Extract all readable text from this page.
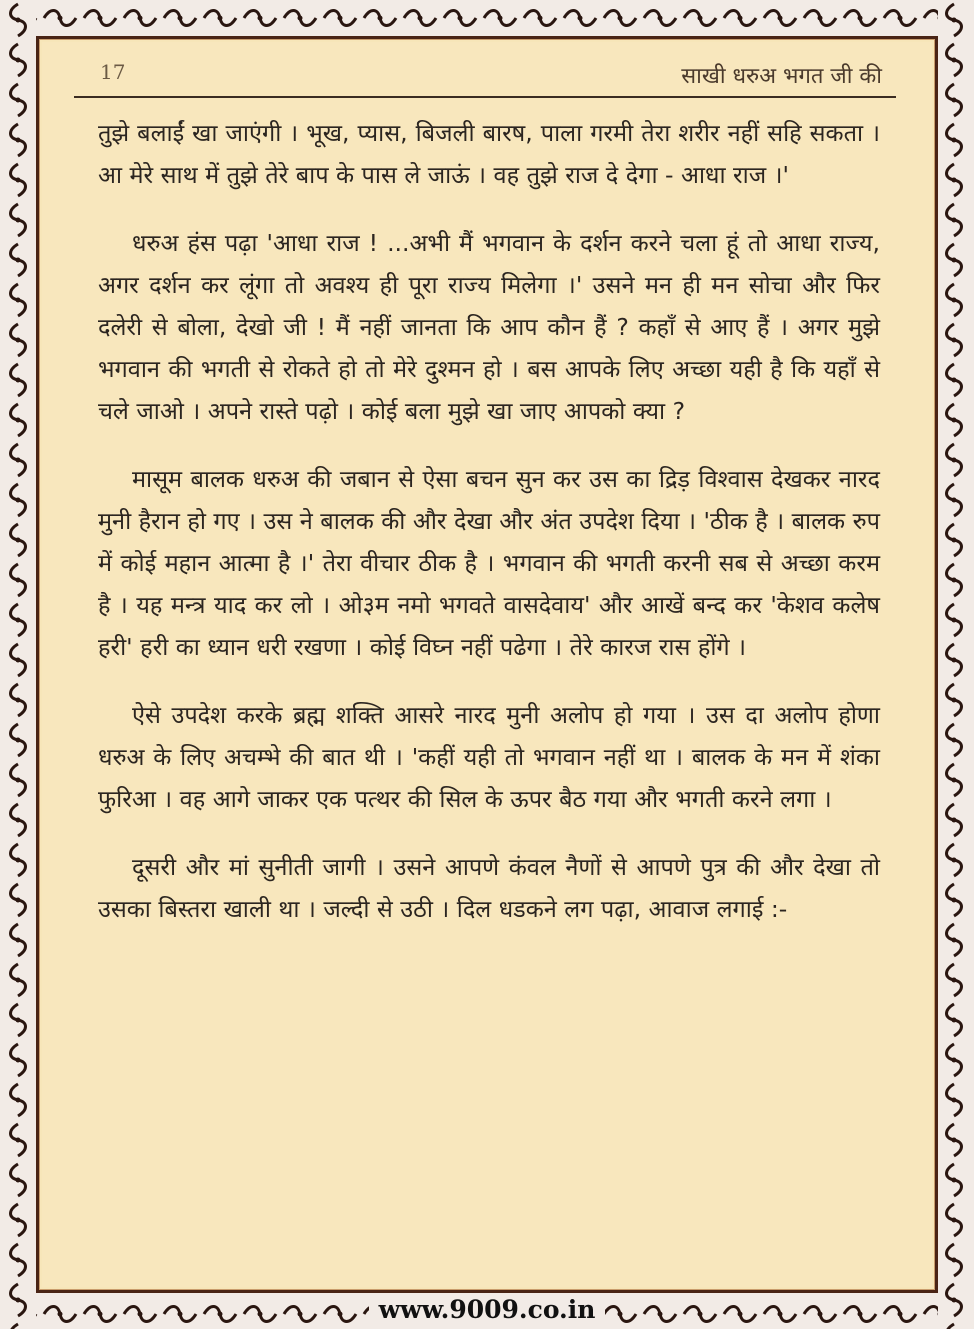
17	साखी धरुअ भगत जी की

तुझे बलाईं खा जाएंगी । भूख, प्यास, बिजली बारष, पाला गरमी तेरा शरीर नहीं सहि सकता । आ मेरे साथ में तुझे तेरे बाप के पास ले जाऊं । वह तुझे राज दे देगा - आधा राज ।'

धरुअ हंस पढ़ा 'आधा राज ! ...अभी मैं भगवान के दर्शन करने चला हूं तो आधा राज्य, अगर दर्शन कर लूंगा तो अवश्य ही पूरा राज्य मिलेगा ।' उसने मन ही मन सोचा और फिर दलेरी से बोला, देखो जी ! मैं नहीं जानता कि आप कौन हैं ? कहाँ से आए हैं । अगर मुझे भगवान की भगती से रोकते हो तो मेरे दुश्मन हो । बस आपके लिए अच्छा यही है कि यहाँ से चले जाओ । अपने रास्ते पढ़ो । कोई बला मुझे खा जाए आपको क्या ?

मासूम बालक धरुअ की जबान से ऐसा बचन सुन कर उस का द्रिड़ विश्वास देखकर नारद मुनी हैरान हो गए । उस ने बालक की और देखा और अंत उपदेश दिया । 'ठीक है । बालक रुप में कोई महान आत्मा है ।' तेरा वीचार ठीक है । भगवान की भगती करनी सब से अच्छा करम है । यह मन्त्र याद कर लो । ओ३म नमो भगवते वासदेवाय' और आखें बन्द कर 'केशव कलेष हरी' हरी का ध्यान धरी रखणा । कोई विघ्न नहीं पढेगा । तेरे कारज रास होंगे ।

ऐसे उपदेश करके ब्रह्म शक्ति आसरे नारद मुनी अलोप हो गया । उस दा अलोप होणा धरुअ के लिए अचम्भे की बात थी । 'कहीं यही तो भगवान नहीं था । बालक के मन में शंका फुरिआ । वह आगे जाकर एक पत्थर की सिल के ऊपर बैठ गया और भगती करने लगा ।

दूसरी और मां सुनीती जागी । उसने आपणे कंवल नैणों से आपणे पुत्र की और देखा तो उसका बिस्तरा खाली था । जल्दी से उठी । दिल धडकने लग पढ़ा, आवाज लगाई :-

www.9009.co.in
